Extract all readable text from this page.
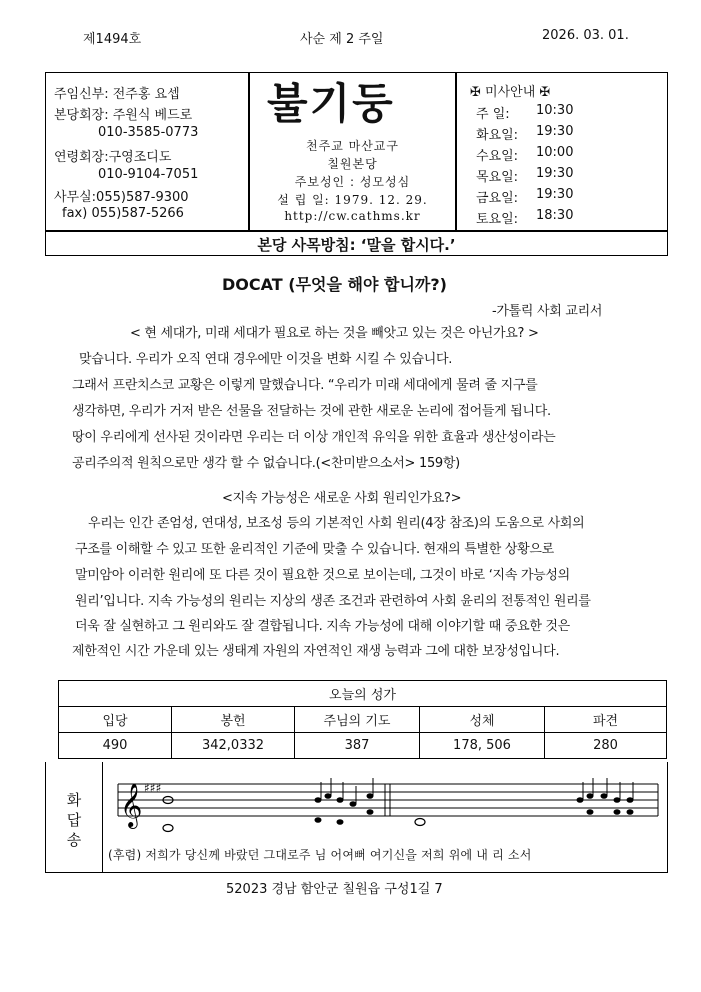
제1494호	사순 제 2 주일	2026. 03. 01.
주임신부: 전주홍 요셉
본당회장: 주원식 베드로
010-3585-0773
연령회장:구영조디도
010-9104-7051
사무실:055)587-9300
fax) 055)587-5266
불기둥
천주교 마산교구
칠원본당
주보성인 : 성모성심
설 립 일: 1979. 12. 29.
http://cw.cathms.kr
✠ 미사안내 ✠
주 일: 10:30
화요일: 19:30
수요일: 10:00
목요일: 19:30
금요일: 19:30
토요일: 18:30
본당 사목방침: ‘말을 합시다.’
DOCAT (무엇을 해야 합니까?)
-가톨릭 사회 교리서
< 현 세대가, 미래 세대가 필요로 하는 것을 빼앗고 있는 것은 아닌가요? >
맞습니다. 우리가 오직 연대 경우에만 이것을 변화 시킬 수 있습니다.
그래서 프란치스코 교황은 이렇게 말했습니다. “우리가 미래 세대에게 물려 줄 지구를
생각하면, 우리가 거저 받은 선물을 전달하는 것에 관한 새로운 논리에 접어들게 됩니다.
땅이 우리에게 선사된 것이라면 우리는 더 이상 개인적 유익을 위한 효율과 생산성이라는
공리주의적 원칙으로만 생각 할 수 없습니다.(<찬미받으소서> 159항)
<지속 가능성은 새로운 사회 원리인가요?>
우리는 인간 존엄성, 연대성, 보조성 등의 기본적인 사회 원리(4장 참조)의 도움으로 사회의
구조를 이해할 수 있고 또한 윤리적인 기준에 맞출 수 있습니다. 현재의 특별한 상황으로
말미암아 이러한 원리에 또 다른 것이 필요한 것으로 보이는데, 그것이 바로 ‘지속 가능성의
원리’입니다. 지속 가능성의 원리는 지상의 생존 조건과 관련하여 사회 윤리의 전통적인 원리를
더욱 잘 실현하고 그 원리와도 잘 결합됩니다. 지속 가능성에 대해 이야기할 때 중요한 것은
제한적인 시간 가운데 있는 생태계 자원의 자연적인 재생 능력과 그에 대한 보장성입니다.
오늘의 성가				
입당	봉헌	주님의 기도	성체	파견
490	342,0332	387	178, 506	280
화답송
𝄞 ♯♯♯
(후렴) 저희가 당신께 바랐던 그대로주 님 어여뻐 여기신을 저희 위에 내 리 소서
52023 경남 함안군 칠원읍 구성1길 7
